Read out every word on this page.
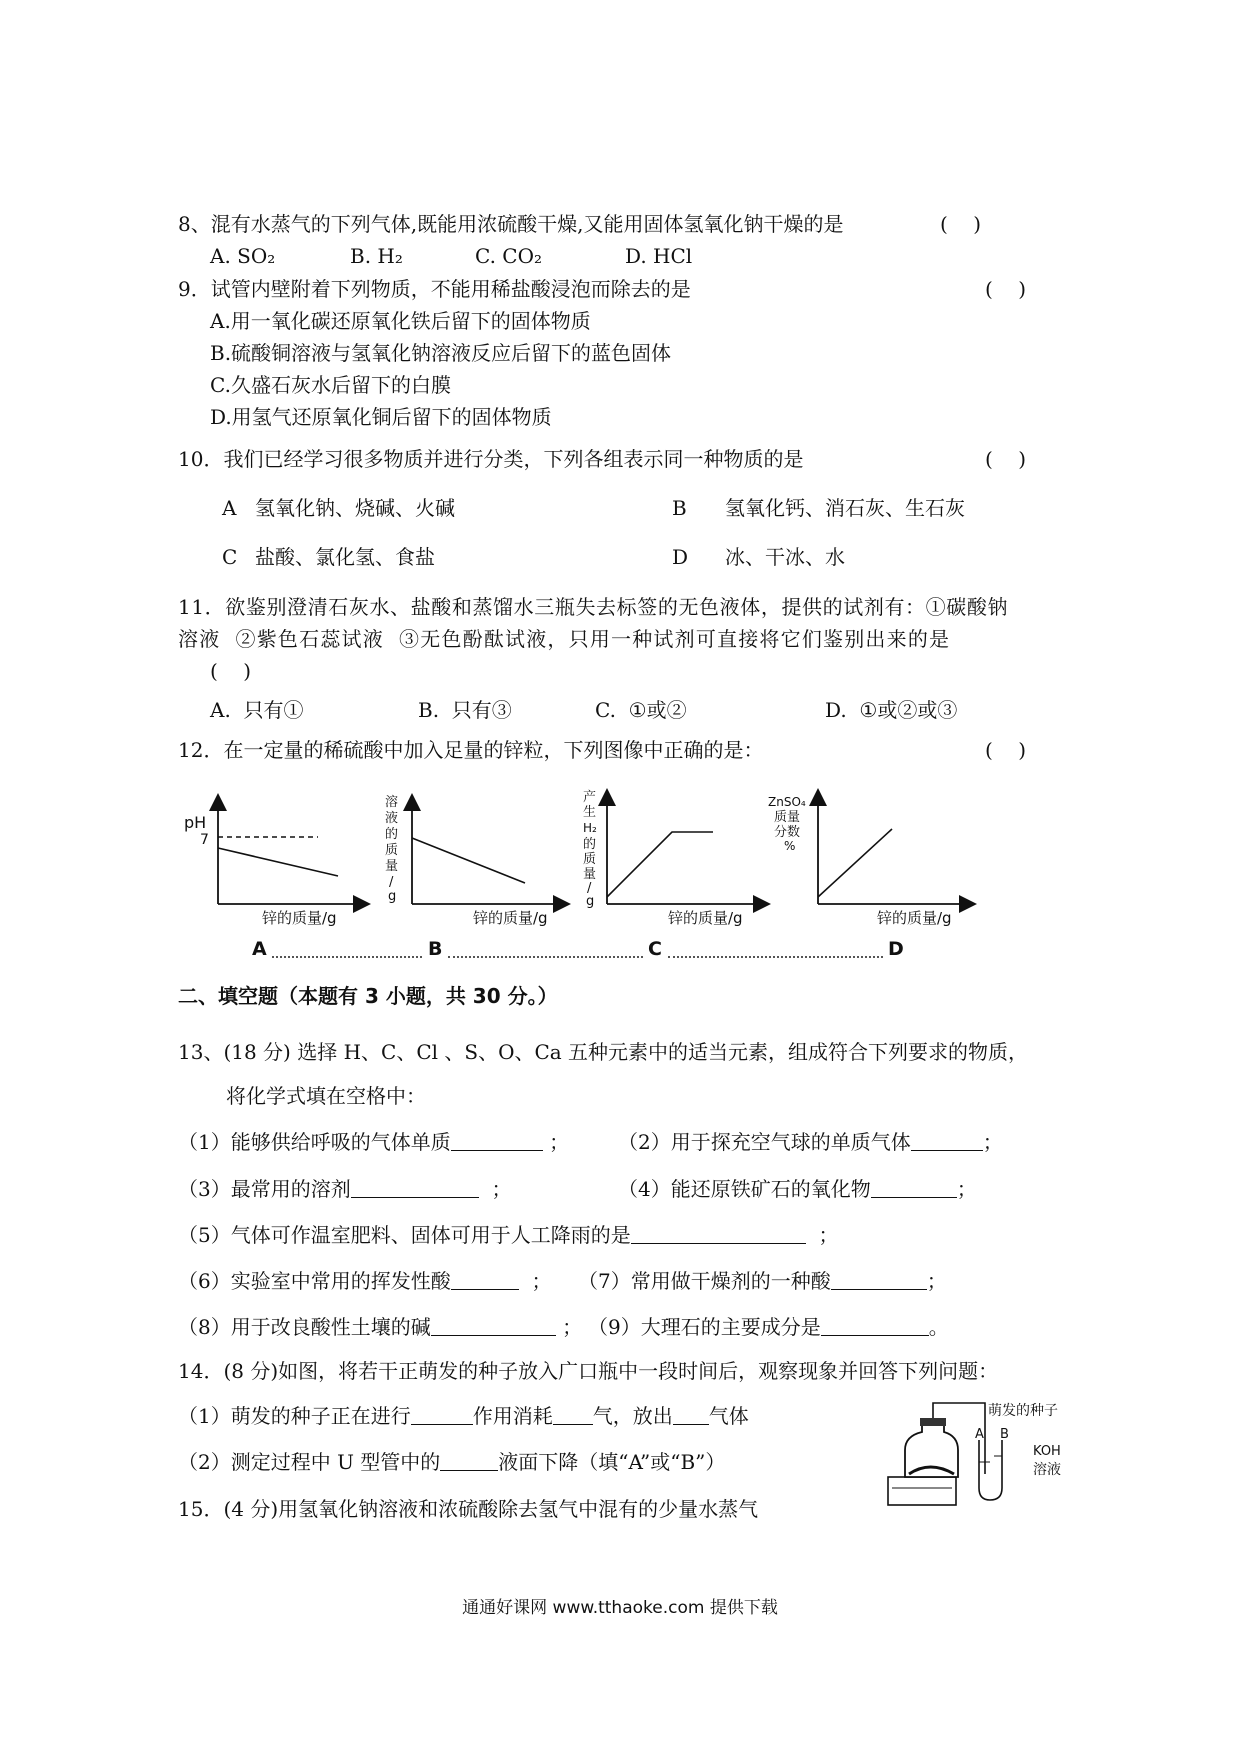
8、混有水蒸气的下列气体,既能用浓硫酸干燥,又能用固体氢氧化钠干燥的是	(    )
A. SO₂	B. H₂	C. CO₂	D. HCl
9．试管内壁附着下列物质，不能用稀盐酸浸泡而除去的是	(    )
A.用一氧化碳还原氧化铁后留下的固体物质
B.硫酸铜溶液与氢氧化钠溶液反应后留下的蓝色固体
C.久盛石灰水后留下的白膜
D.用氢气还原氧化铜后留下的固体物质
10．我们已经学习很多物质并进行分类，下列各组表示同一种物质的是	(    )
A 氢氧化钠、烧碱、火碱	B 氢氧化钙、消石灰、生石灰
C 盐酸、氯化氢、食盐	D 冰、干冰、水
11．欲鉴别澄清石灰水、盐酸和蒸馏水三瓶失去标签的无色液体，提供的试剂有：①碳酸钠
溶液  ②紫色石蕊试液  ③无色酚酞试液，只用一种试剂可直接将它们鉴别出来的是
(    )
A.  只有①	B.  只有③	C.  ①或②	D.  ①或②或③
12．在一定量的稀硫酸中加入足量的锌粒，下列图像中正确的是：	(    )
pH
7
锌的质量/g
溶
液
的
质
量
/
g
锌的质量/g
产
生
H₂
的
质
量
/
g
锌的质量/g
ZnSO₄
质量
分数
%
锌的质量/g
萌发的种子
A B
KOH
溶液
A	B	C	D
二、填空题（本题有 3 小题，共 30 分。）
13、(18 分) 选择 H、C、Cl 、S、O、Ca 五种元素中的适当元素，组成符合下列要求的物质，
将化学式填在空格中：
（1）能够供给呼吸的气体单质	； （2）用于探充空气球的单质气体	；
（3）最常用的溶剂	；	（4）能还原铁矿石的氧化物	；
（5）气体可作温室肥料、固体可用于人工降雨的是	；
（6）实验室中常用的挥发性酸	； （7）常用做干燥剂的一种酸	；
（8）用于改良酸性土壤的碱	； （9）大理石的主要成分是	。
14．(8 分)如图，将若干正萌发的种子放入广口瓶中一段时间后，观察现象并回答下列问题：
（1）萌发的种子正在进行	作用消耗 气，放出 气体
（2）测定过程中 U 型管中的	液面下降（填“A”或“B”）
15．(4 分)用氢氧化钠溶液和浓硫酸除去氢气中混有的少量水蒸气
通通好课网 www.tthaoke.com 提供下载
